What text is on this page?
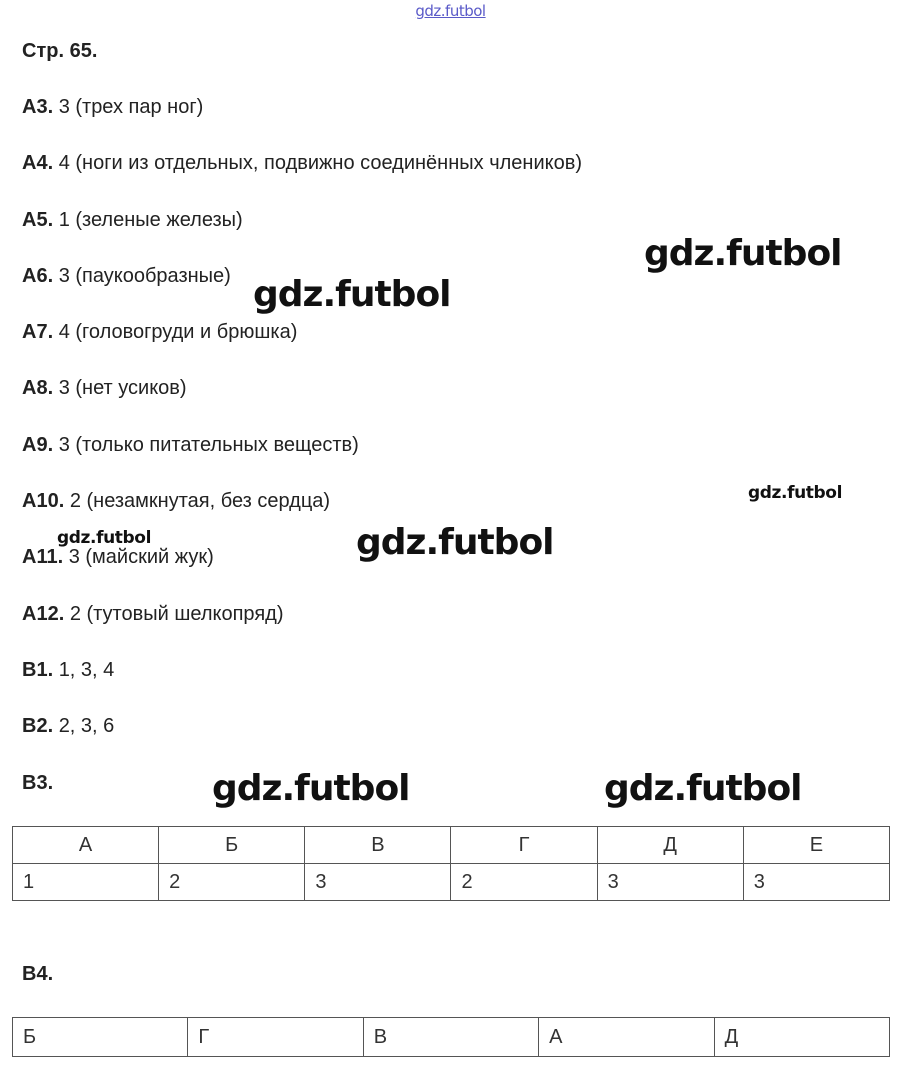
gdz.futbol
Стр. 65.
А3. 3 (трех пар ног)
А4. 4 (ноги из отдельных, подвижно соединённых члеников)
А5. 1 (зеленые железы)
А6. 3 (паукообразные)
А7. 4 (головогруди и брюшка)
А8. 3 (нет усиков)
А9. 3 (только питательных веществ)
А10. 2 (незамкнутая, без сердца)
А11. 3 (майский жук)
А12. 2 (тутовый шелкопряд)
В1. 1, 3, 4
В2. 2, 3, 6
В3.
А	Б	В	Г	Д	Е
1	2	3	2	3	3
В4.
Б	Г	В	А	Д
gdz.futbol
gdz.futbol
gdz.futbol
gdz.futbol	gdz.futbol
gdz.futbol	gdz.futbol
